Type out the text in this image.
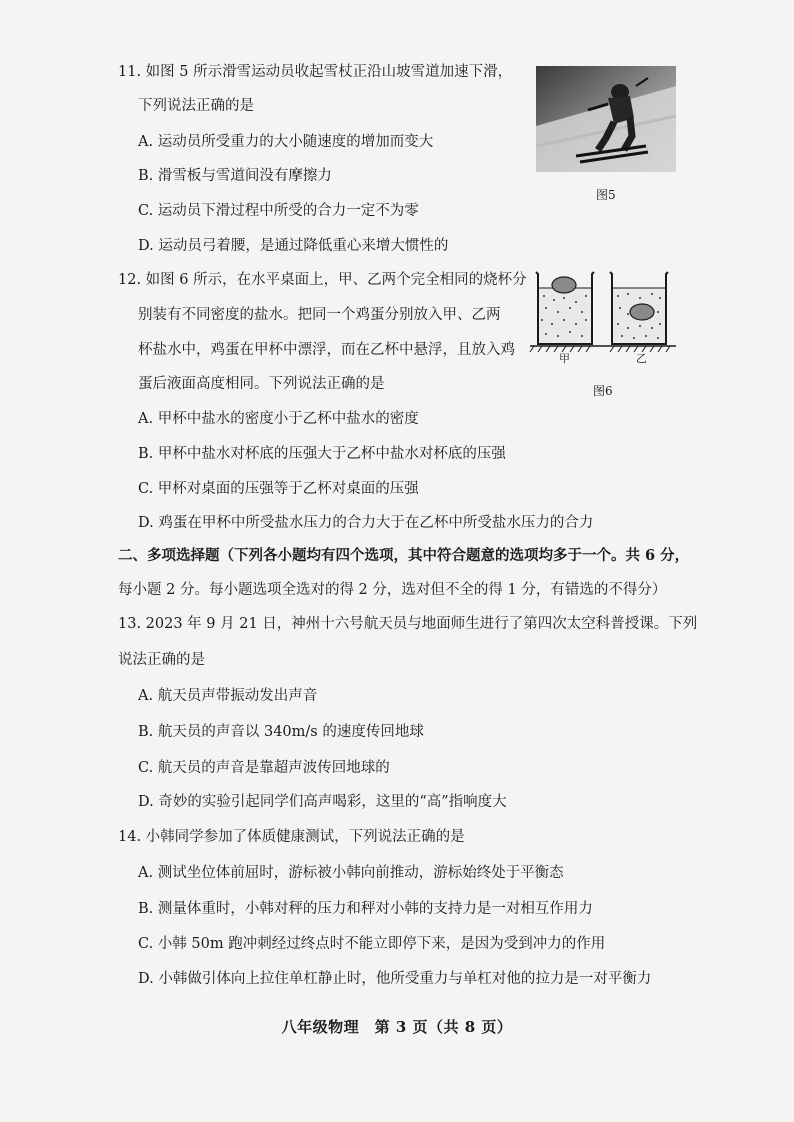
11. 如图 5 所示滑雪运动员收起雪杖正沿山坡雪道加速下滑，
下列说法正确的是
A. 运动员所受重力的大小随速度的增加而变大
B. 滑雪板与雪道间没有摩擦力
C. 运动员下滑过程中所受的合力一定不为零
D. 运动员弓着腰，是通过降低重心来增大惯性的
图5
12. 如图 6 所示，在水平桌面上，甲、乙两个完全相同的烧杯分
别装有不同密度的盐水。把同一个鸡蛋分别放入甲、乙两
杯盐水中，鸡蛋在甲杯中漂浮，而在乙杯中悬浮，且放入鸡
蛋后液面高度相同。下列说法正确的是
A. 甲杯中盐水的密度小于乙杯中盐水的密度
B. 甲杯中盐水对杯底的压强大于乙杯中盐水对杯底的压强
C. 甲杯对桌面的压强等于乙杯对桌面的压强
D. 鸡蛋在甲杯中所受盐水压力的合力大于在乙杯中所受盐水压力的合力
甲	乙
图6
二、多项选择题（下列各小题均有四个选项，其中符合题意的选项均多于一个。共 6 分，
每小题 2 分。每小题选项全选对的得 2 分，选对但不全的得 1 分，有错选的不得分）
13. 2023 年 9 月 21 日，神州十六号航天员与地面师生进行了第四次太空科普授课。下列
说法正确的是
A. 航天员声带振动发出声音
B. 航天员的声音以 340m/s 的速度传回地球
C. 航天员的声音是靠超声波传回地球的
D. 奇妙的实验引起同学们高声喝彩，这里的“高”指响度大
14. 小韩同学参加了体质健康测试，下列说法正确的是
A. 测试坐位体前屈时，游标被小韩向前推动，游标始终处于平衡态
B. 测量体重时，小韩对秤的压力和秤对小韩的支持力是一对相互作用力
C. 小韩 50m 跑冲刺经过终点时不能立即停下来，是因为受到冲力的作用
D. 小韩做引体向上拉住单杠静止时，他所受重力与单杠对他的拉力是一对平衡力
八年级物理　第 3 页（共 8 页）
